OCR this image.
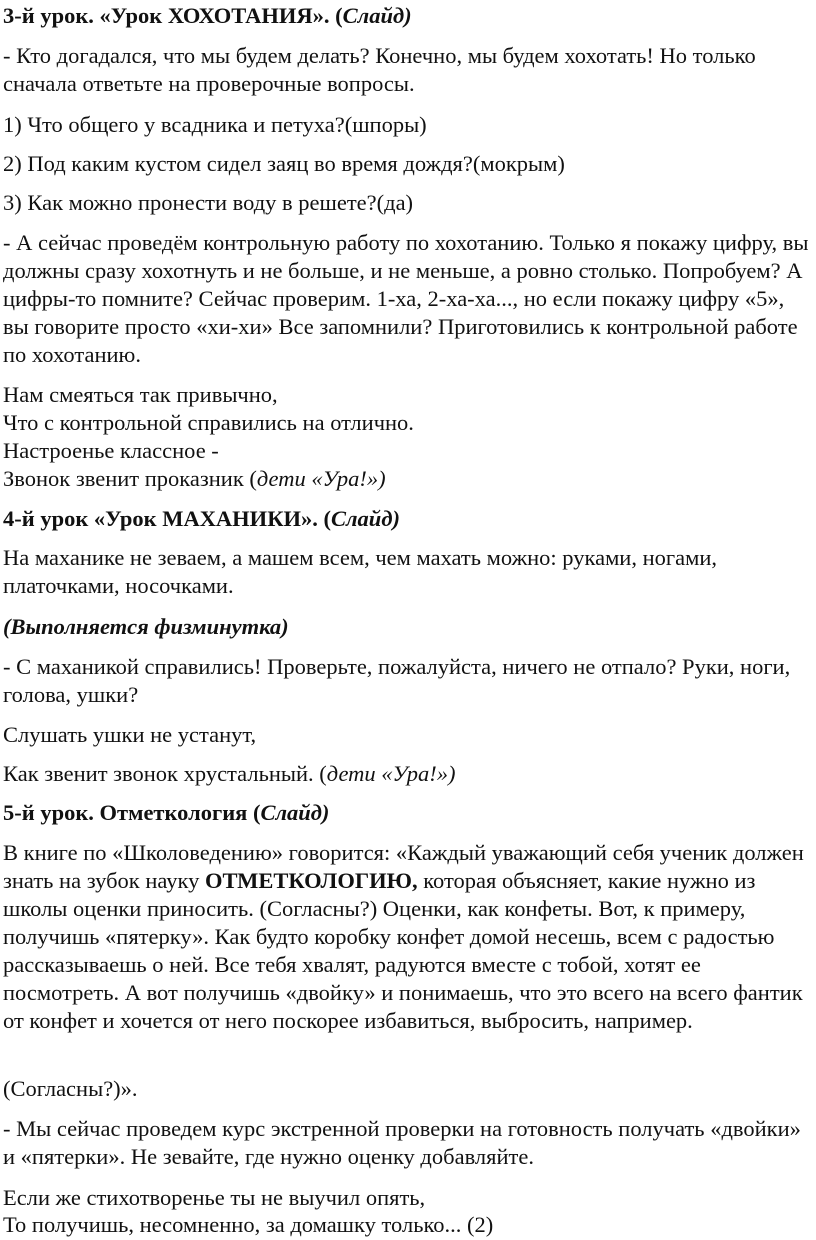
3-й урок. «Урок ХОХОТАНИЯ». (Слайд)

- Кто догадался, что мы будем делать? Конечно, мы будем хохотать! Но только сначала ответьте на проверочные вопросы.

1) Что общего у всадника и петуха?(шпоры)

2) Под каким кустом сидел заяц во время дождя?(мокрым)

3) Как можно пронести воду в решете?(да)

- А сейчас проведём контрольную работу по хохотанию. Только я покажу цифру, вы должны сразу хохотнуть и не больше, и не меньше, а ровно столько. Попробуем? А цифры-то помните? Сейчас проверим. 1-ха, 2-ха-ха..., но если покажу цифру «5», вы говорите просто «хи-хи» Все запомнили? Приготовились к контрольной работе по хохотанию.

Нам смеяться так привычно,

Что с контрольной справились на отлично.

Настроенье классное -

Звонок звенит проказник (дети «Ура!»)

4-й урок «Урок МАХАНИКИ». (Слайд)

На маханике не зеваем, а машем всем, чем махать можно: руками, ногами, платочками, носочками.

(Выполняется физминутка)

- С маханикой справились! Проверьте, пожалуйста, ничего не отпало? Руки, ноги, голова, ушки?

Слушать ушки не устанут,

Как звенит звонок хрустальный. (дети «Ура!»)

5-й урок. Отметкология (Слайд)

В книге по «Школоведению» говорится: «Каждый уважающий себя ученик должен знать на зубок науку ОТМЕТКОЛОГИЮ, которая объясняет, какие нужно из школы оценки приносить. (Согласны?) Оценки, как конфеты. Вот, к примеру, получишь «пятерку». Как будто коробку конфет домой несешь, всем с радостью рассказываешь о ней. Все тебя хвалят, радуются вместе с тобой, хотят ее посмотреть. А вот получишь «двойку» и понимаешь, что это всего на всего фантик от конфет и хочется от него поскорее избавиться, выбросить, например.

(Согласны?)».

- Мы сейчас проведем курс экстренной проверки на готовность получать «двойки» и «пятерки». Не зевайте, где нужно оценку добавляйте.

Если же стихотворенье ты не выучил опять,

То получишь, несомненно, за домашку только... (2)
